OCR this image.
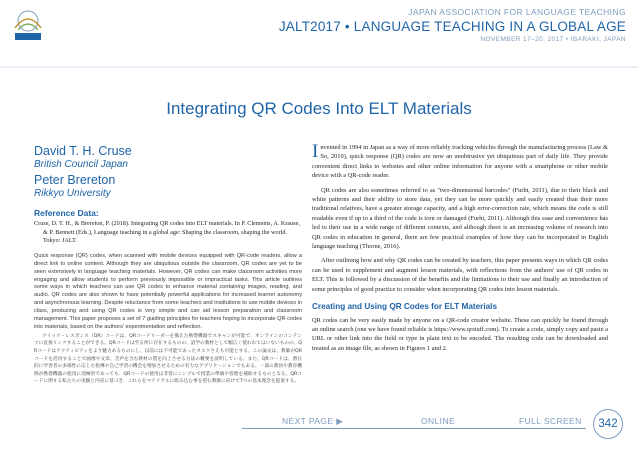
JAPAN ASSOCIATION FOR LANGUAGE TEACHING
JALT2017 • LANGUAGE TEACHING IN A GLOBAL AGE
NOVEMBER 17–20, 2017 • IBARAKI, JAPAN
Integrating QR Codes Into ELT Materials
David T. H. Cruse
British Council Japan
Peter Brereton
Rikkyo University
Reference Data:
Cruse, D. T. H., & Brereton, P. (2018). Integrating QR codes into ELT materials. In P. Clements, A. Krause, & P. Bennett (Eds.), Language teaching in a global age: Shaping the classroom, shaping the world. Tokyo: JALT.
Quick response (QR) codes, when scanned with mobile devices equipped with QR-code readers, allow a direct link to online content. Although they are ubiquitous outside the classroom, QR codes are yet to be seen extensively in language teaching materials. However, QR codes can make classroom activities more engaging and allow students to perform previously impossible or impractical tasks. This article outlines some ways in which teachers can use QR codes to enhance material containing images, reading, and audio. QR codes are also shown to have potentially powerful applications for increased learner autonomy and asynchronous learning. Despite reluctance from some teachers and institutions to use mobile devices in class, producing and using QR codes is very simple and can aid lesson preparation and classroom management. This paper proposes a set of 7 guiding principles for teachers hoping to incorporate QR codes into materials, based on the authors' experimentation and reflection.
クイック・レスポンス（QR）コードは、QRコードリーダーを備えた携帯機器でスキャンが可能で、オンラインのコンテンツに直接リンクすることができる。QRコードは至る所に存在するものの、語学の教材として幅広く使われてはいないものの、QRコードはアクティビティをより魅力あるものにし、以前には不可能であったタスクさえも可能とする。この論文は、教師がQRコードを活用することで画像や文章、音声を含む教材の質を向上させる方法の概要を説明している。また、QRコードは、潜在的に学習者の多様性に応じた指導や自己学習の機会を増加させるための有力なアプリケーションでもある。一部の教員や教育機関が携帯機器の使用に消極的であっても、QRコードの使用は非常にシンプルで授業の準備や管理を補助するものとなる。QRコードに関する私たちの実験と内省に基づき、これらをマテリアルに組み込む事を望む教師に向けて7つの基本理念を提案する。

Invented in 1994 in Japan as a way of more reliably tracking vehicles through the manufacturing process (Law & So, 2010), quick response (QR) codes are now an unobtrusive yet ubiquitous part of daily life. They provide convenient direct links to websites and other online information for anyone with a smartphone or other mobile device with a QR-code reader.

QR codes are also sometimes referred to as "two-dimensional barcodes" (Furht, 2011), due to their black and white patterns and their ability to store data, yet they can be more quickly and easily created than their more traditional relatives, have a greater storage capacity, and a high error-correction rate, which means the code is still readable even if up to a third of the code is torn or damaged (Furht, 2011). Although this ease and convenience has led to their use in a wide range of different contexts, and although there is an increasing volume of research into QR codes in education in general, there are few practical examples of how they can be incorporated in English language teaching (Thorne, 2016).

After outlining how and why QR codes can be created by teachers, this paper presents ways in which QR codes can be used to supplement and augment lesson materials, with reflections from the authors' use of QR codes in ELT. This is followed by a discussion of the benefits and the limitations to their use and finally an introduction of some principles of good practice to consider when incorporating QR codes into lesson materials.

Creating and Using QR Codes for ELT Materials

QR codes can be very easily made by anyone on a QR-code creator website. These can quickly be found through an online search (one we have found reliable is https://www.qrstuff.com). To create a code, simply copy and paste a URL or other link into the field or type in plain text to be encoded. The resulting code can be downloaded and treated as an image file, as shown in Figures 1 and 2.

NEXT PAGE ▶	ONLINE	FULL SCREEN	342
